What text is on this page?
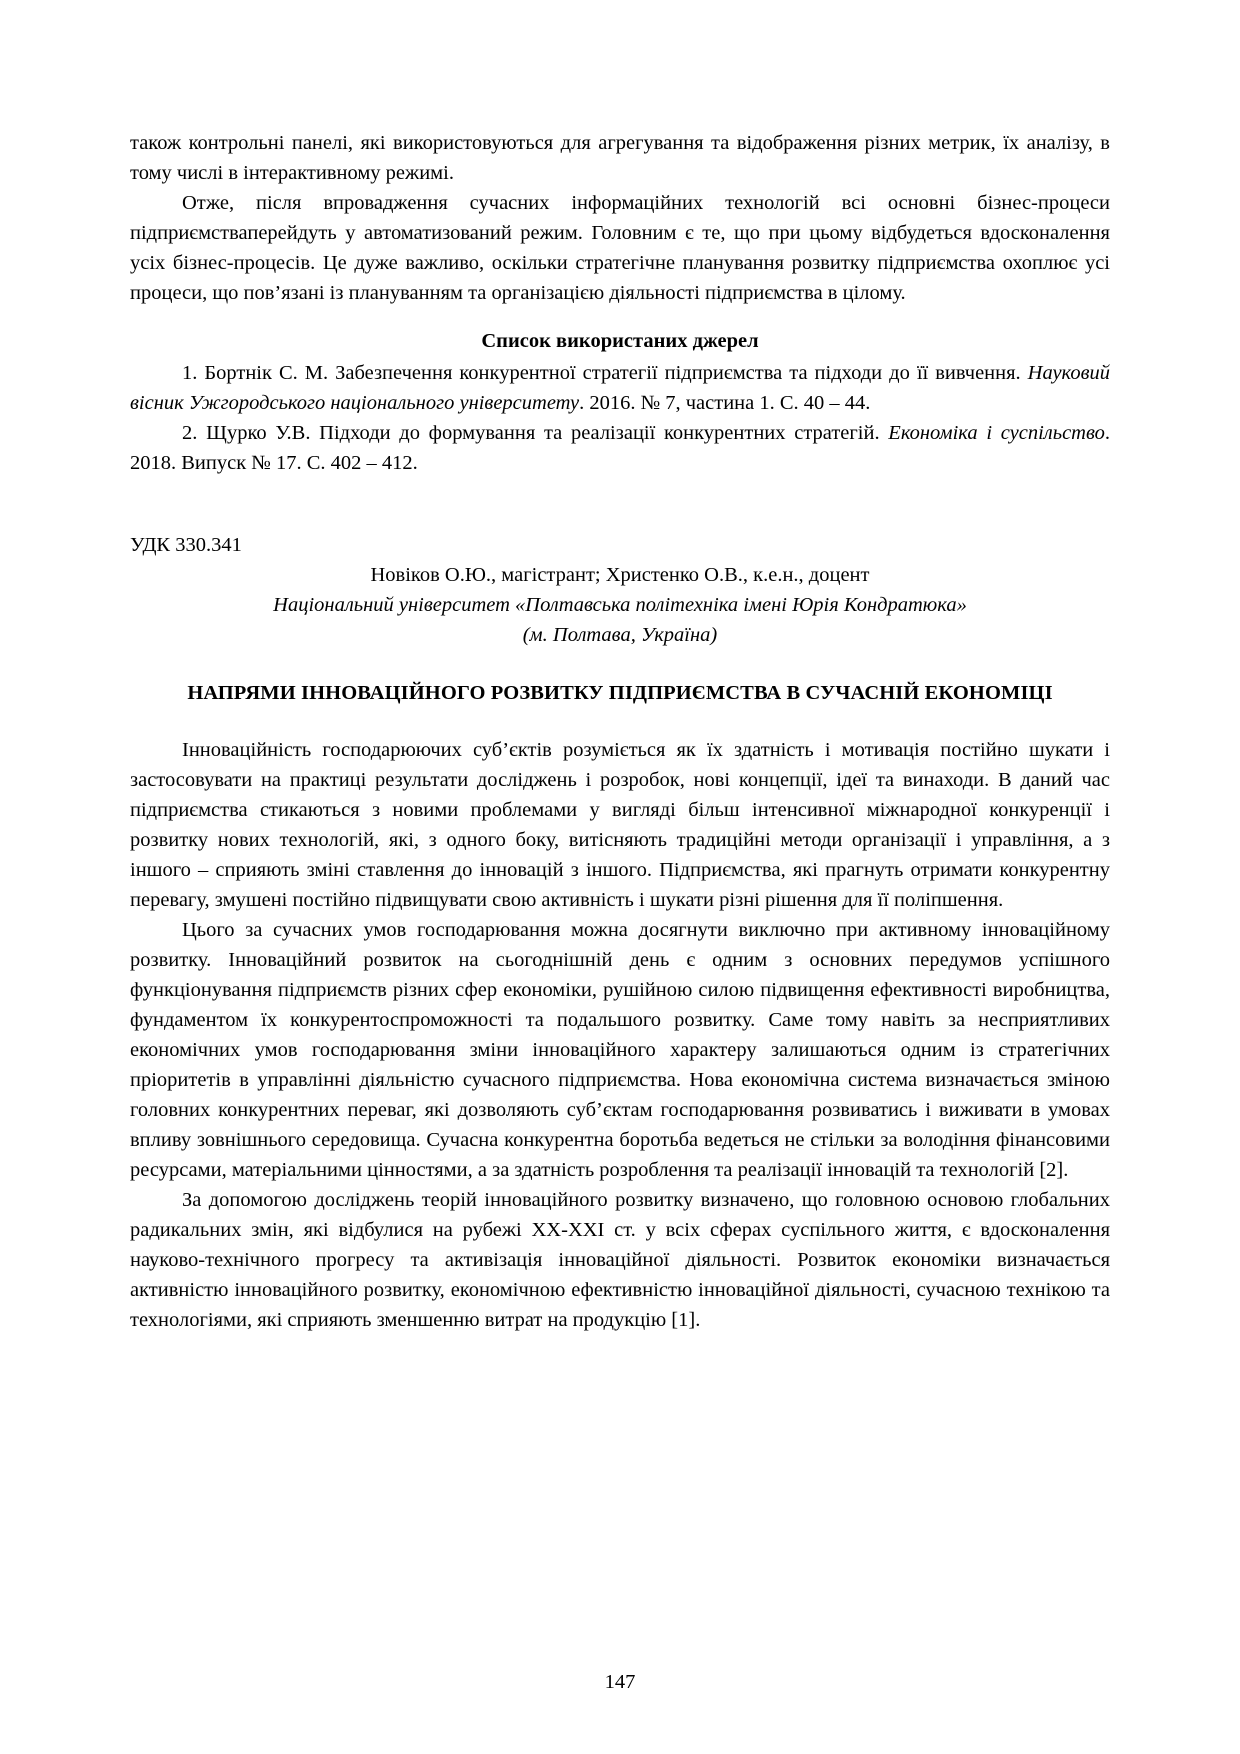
також контрольні панелі, які використовуються для агрегування та відображення різних метрик, їх аналізу, в тому числі в інтерактивному режимі.

Отже, після впровадження сучасних інформаційних технологій всі основні бізнес-процеси підприємстваперейдуть у автоматизований режим. Головним є те, що при цьому відбудеться вдосконалення усіх бізнес-процесів. Це дуже важливо, оскільки стратегічне планування розвитку підприємства охоплює усі процеси, що пов’язані із плануванням та організацією діяльності підприємства в цілому.

Список використаних джерел

1. Бортнік С. М. Забезпечення конкурентної стратегії підприємства та підходи до її вивчення. Науковий вісник Ужгородського національного університету. 2016. № 7, частина 1. С. 40 – 44.

2. Щурко У.В. Підходи до формування та реалізації конкурентних стратегій. Економіка і суспільство. 2018. Випуск № 17. С. 402 – 412.

УДК 330.341

Новіков О.Ю., магістрант; Христенко О.В., к.е.н., доцент

Національний університет «Полтавська політехніка імені Юрія Кондратюка»

(м. Полтава, Україна)

НАПРЯМИ ІННОВАЦІЙНОГО РОЗВИТКУ ПІДПРИЄМСТВА В СУЧАСНІЙ ЕКОНОМІЦІ

Інноваційність господарюючих суб’єктів розуміється як їх здатність і мотивація постійно шукати і застосовувати на практиці результати досліджень і розробок, нові концепції, ідеї та винаходи. В даний час підприємства стикаються з новими проблемами у вигляді більш інтенсивної міжнародної конкуренції і розвитку нових технологій, які, з одного боку, витісняють традиційні методи організації і управління, а з іншого – сприяють зміні ставлення до інновацій з іншого. Підприємства, які прагнуть отримати конкурентну перевагу, змушені постійно підвищувати свою активність і шукати різні рішення для її поліпшення.

Цього за сучасних умов господарювання можна досягнути виключно при активному інноваційному розвитку. Інноваційний розвиток на сьогоднішній день є одним з основних передумов успішного функціонування підприємств різних сфер економіки, рушійною силою підвищення ефективності виробництва, фундаментом їх конкурентоспроможності та подальшого розвитку. Саме тому навіть за несприятливих економічних умов господарювання зміни інноваційного характеру залишаються одним із стратегічних пріоритетів в управлінні діяльністю сучасного підприємства. Нова економічна система визначається зміною головних конкурентних переваг, які дозволяють суб’єктам господарювання розвиватись і виживати в умовах впливу зовнішнього середовища. Сучасна конкурентна боротьба ведеться не стільки за володіння фінансовими ресурсами, матеріальними цінностями, а за здатність розроблення та реалізації інновацій та технологій [2].

За допомогою досліджень теорій інноваційного розвитку визначено, що головною основою глобальних радикальних змін, які відбулися на рубежі XX-XXI ст. у всіх сферах суспільного життя, є вдосконалення науково-технічного прогресу та активізація інноваційної діяльності. Розвиток економіки визначається активністю інноваційного розвитку, економічною ефективністю інноваційної діяльності, сучасною технікою та технологіями, які сприяють зменшенню витрат на продукцію [1].

147
